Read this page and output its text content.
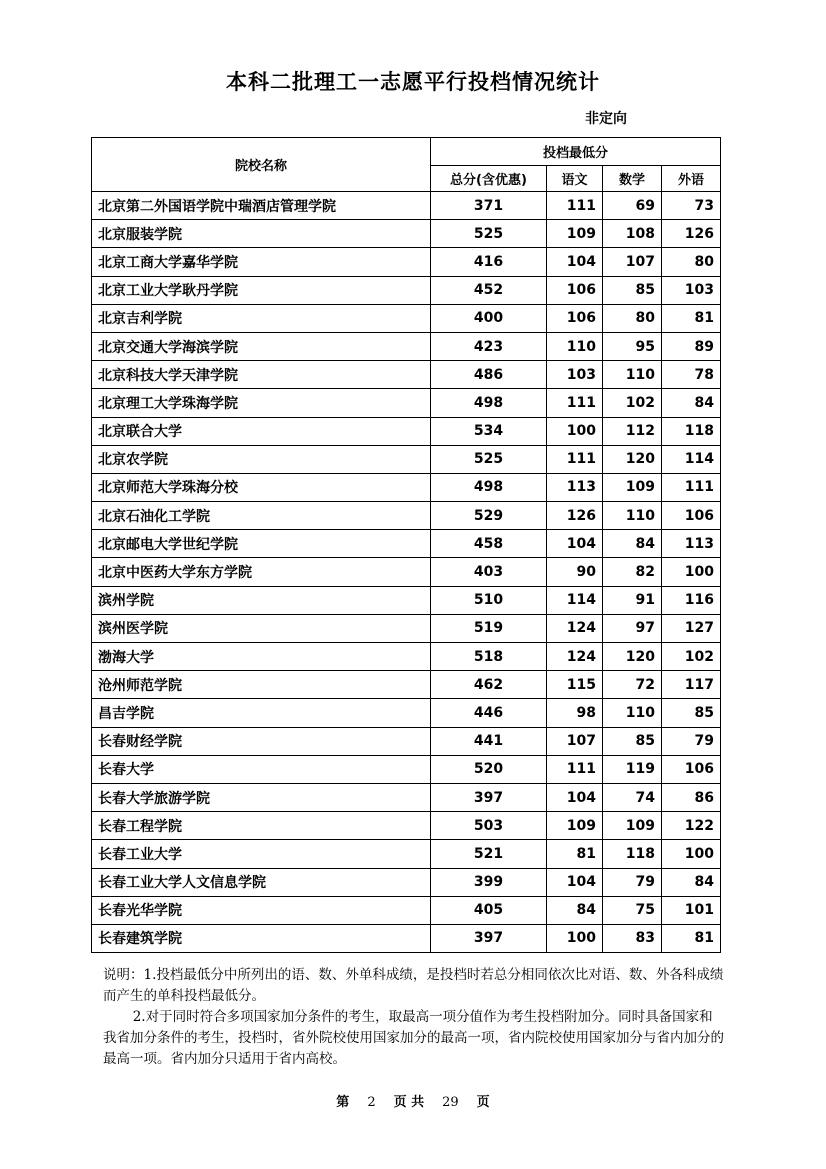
本科二批理工一志愿平行投档情况统计
非定向
院校名称	投档最低分			
	总分(含优惠)	语文	数学	外语
北京第二外国语学院中瑞酒店管理学院	371	111	69	73
北京服装学院	525	109	108	126
北京工商大学嘉华学院	416	104	107	80
北京工业大学耿丹学院	452	106	85	103
北京吉利学院	400	106	80	81
北京交通大学海滨学院	423	110	95	89
北京科技大学天津学院	486	103	110	78
北京理工大学珠海学院	498	111	102	84
北京联合大学	534	100	112	118
北京农学院	525	111	120	114
北京师范大学珠海分校	498	113	109	111
北京石油化工学院	529	126	110	106
北京邮电大学世纪学院	458	104	84	113
北京中医药大学东方学院	403	90	82	100
滨州学院	510	114	91	116
滨州医学院	519	124	97	127
渤海大学	518	124	120	102
沧州师范学院	462	115	72	117
昌吉学院	446	98	110	85
长春财经学院	441	107	85	79
长春大学	520	111	119	106
长春大学旅游学院	397	104	74	86
长春工程学院	503	109	109	122
长春工业大学	521	81	118	100
长春工业大学人文信息学院	399	104	79	84
长春光华学院	405	84	75	101
长春建筑学院	397	100	83	81

说明：1.投档最低分中所列出的语、数、外单科成绩，是投档时若总分相同依次比对语、数、外各科成绩而产生的单科投档最低分。

2.对于同时符合多项国家加分条件的考生，取最高一项分值作为考生投档附加分。同时具备国家和我省加分条件的考生，投档时，省外院校使用国家加分的最高一项，省内院校使用国家加分与省内加分的最高一项。省内加分只适用于省内高校。

第 2 页 共 29 页
